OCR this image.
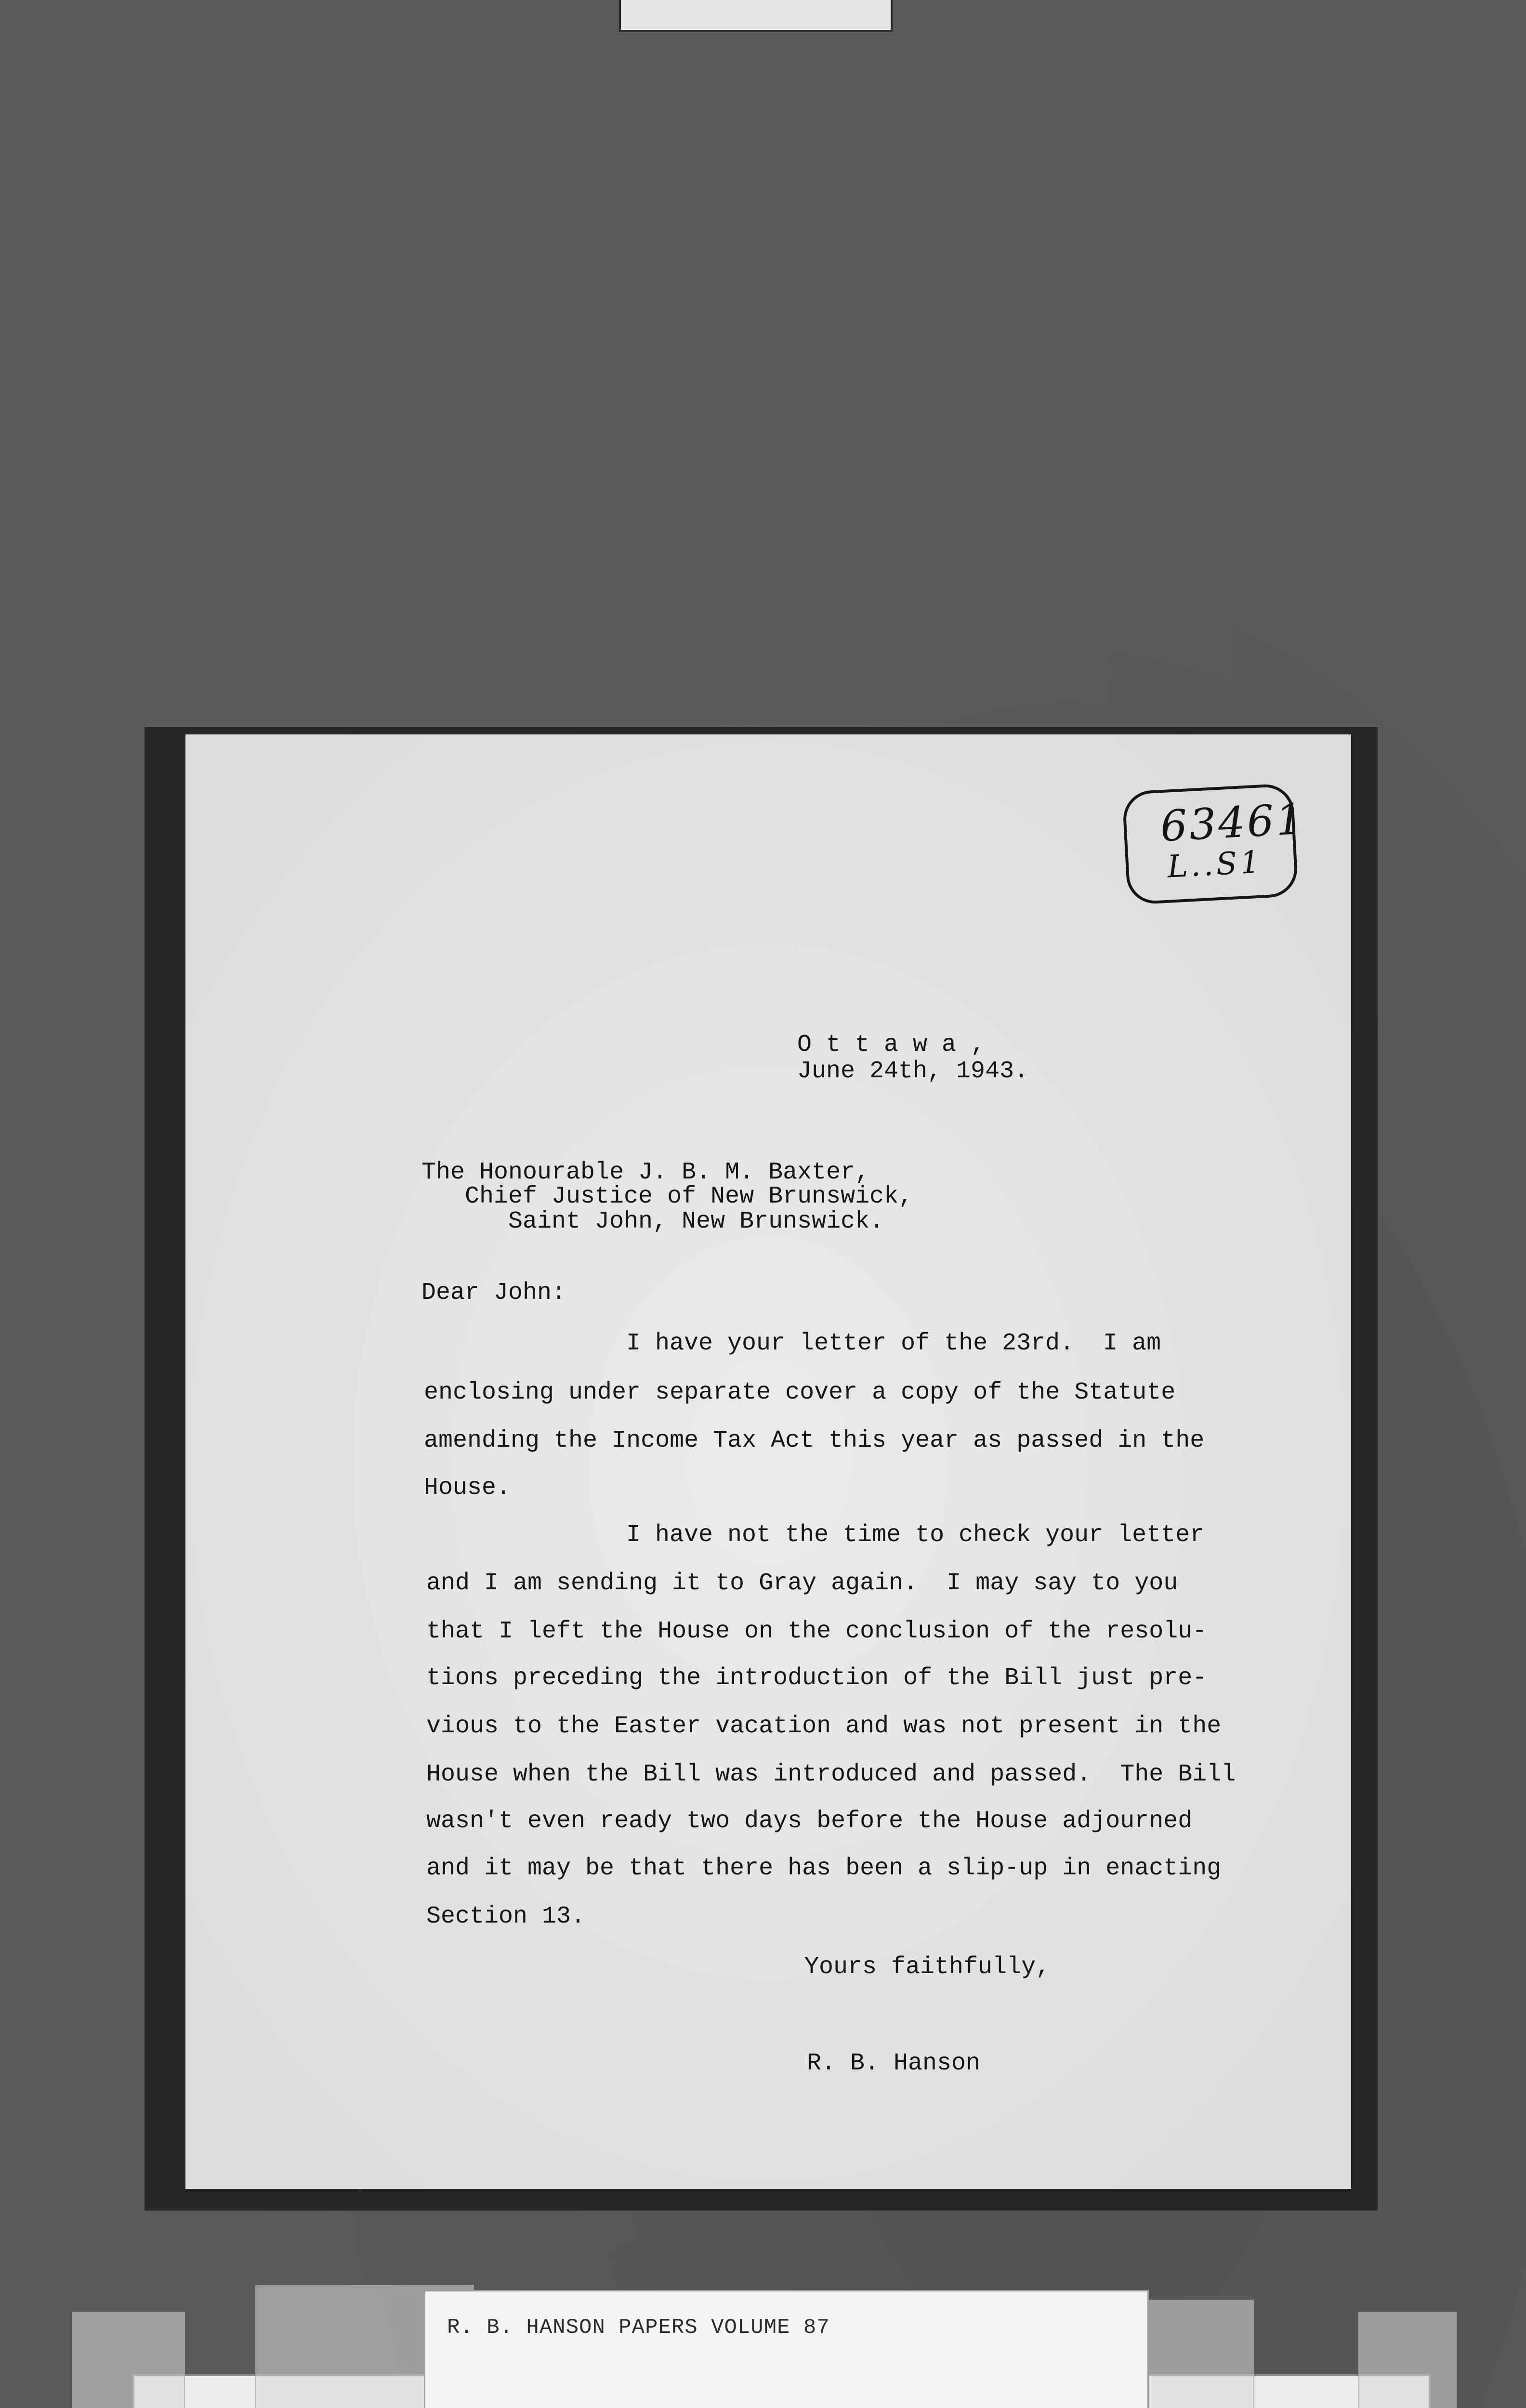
63461
L..S1
O t t a w a ,
June 24th, 1943.
The Honourable J. B. M. Baxter,
Chief Justice of New Brunswick,
Saint John, New Brunswick.
Dear John:
I have your letter of the 23rd.  I am
enclosing under separate cover a copy of the Statute
amending the Income Tax Act this year as passed in the
House.
I have not the time to check your letter
and I am sending it to Gray again.  I may say to you
that I left the House on the conclusion of the resolu-
tions preceding the introduction of the Bill just pre-
vious to the Easter vacation and was not present in the
House when the Bill was introduced and passed.  The Bill
wasn't even ready two days before the House adjourned
and it may be that there has been a slip-up in enacting
Section 13.
Yours faithfully,
R. B. Hanson
R. B. HANSON PAPERS VOLUME 87
